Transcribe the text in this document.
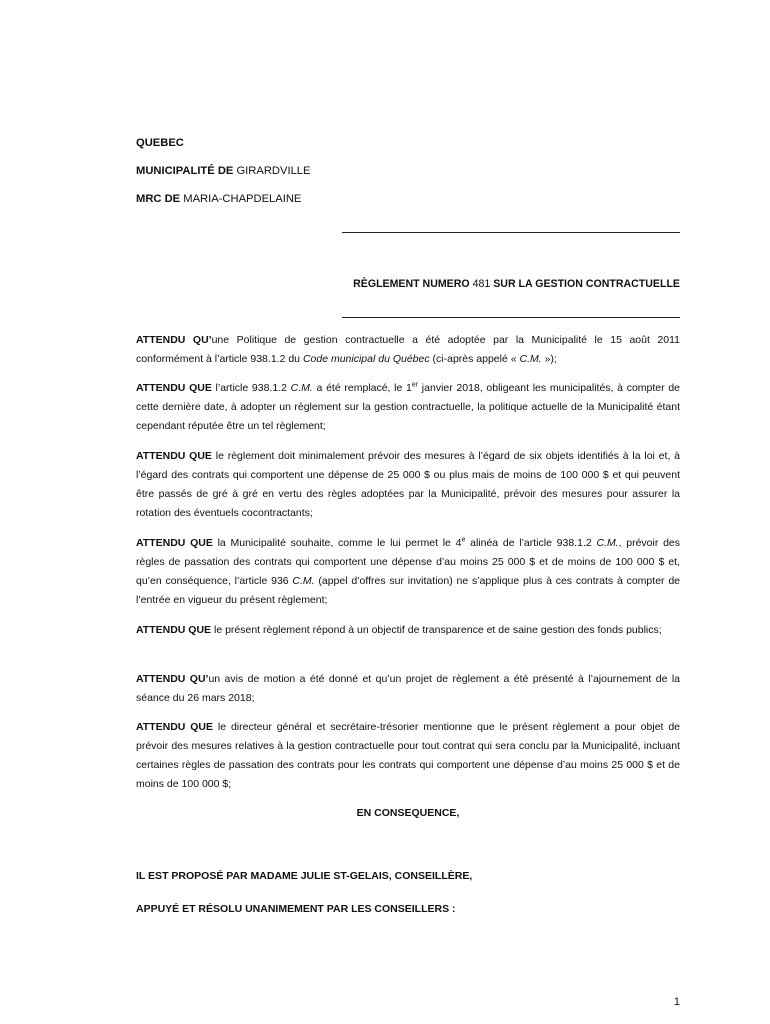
QUEBEC
MUNICIPALITÉ DE GIRARDVILLE
MRC DE MARIA-CHAPDELAINE
RÈGLEMENT NUMERO 481 SUR LA GESTION CONTRACTUELLE

ATTENDU QU’une Politique de gestion contractuelle a été adoptée par la Municipalité le 15 août 2011 conformément à l’article 938.1.2 du Code municipal du Québec (ci-après appelé « C.M. »);

ATTENDU QUE l’article 938.1.2 C.M. a été remplacé, le 1er janvier 2018, obligeant les municipalités, à compter de cette dernière date, à adopter un règlement sur la gestion contractuelle, la politique actuelle de la Municipalité étant cependant réputée être un tel règlement;

ATTENDU QUE le règlement doit minimalement prévoir des mesures à l’égard de six objets identifiés à la loi et, à l’égard des contrats qui comportent une dépense de 25 000 $ ou plus mais de moins de 100 000 $ et qui peuvent être passés de gré à gré en vertu des règles adoptées par la Municipalité, prévoir des mesures pour assurer la rotation des éventuels cocontractants;

ATTENDU QUE la Municipalité souhaite, comme le lui permet le 4e alinéa de l’article 938.1.2 C.M., prévoir des règles de passation des contrats qui comportent une dépense d’au moins 25 000 $ et de moins de 100 000 $ et, qu’en conséquence, l’article 936 C.M. (appel d’offres sur invitation) ne s’applique plus à ces contrats à compter de l’entrée en vigueur du présent règlement;

ATTENDU QUE le présent règlement répond à un objectif de transparence et de saine gestion des fonds publics;

ATTENDU QU’un avis de motion a été donné et qu’un projet de règlement a été présenté à l’ajournement de la séance du 26 mars 2018;

ATTENDU QUE le directeur général et secrétaire-trésorier mentionne que le présent règlement a pour objet de prévoir des mesures relatives à la gestion contractuelle pour tout contrat qui sera conclu par la Municipalité, incluant certaines règles de passation des contrats pour les contrats qui comportent une dépense d’au moins 25 000 $ et de moins de 100 000 $;

EN CONSEQUENCE,
IL EST PROPOSÉ PAR MADAME JULIE ST-GELAIS, CONSEILLÈRE,
APPUYÉ ET RÉSOLU UNANIMEMENT PAR LES CONSEILLERS :
1
